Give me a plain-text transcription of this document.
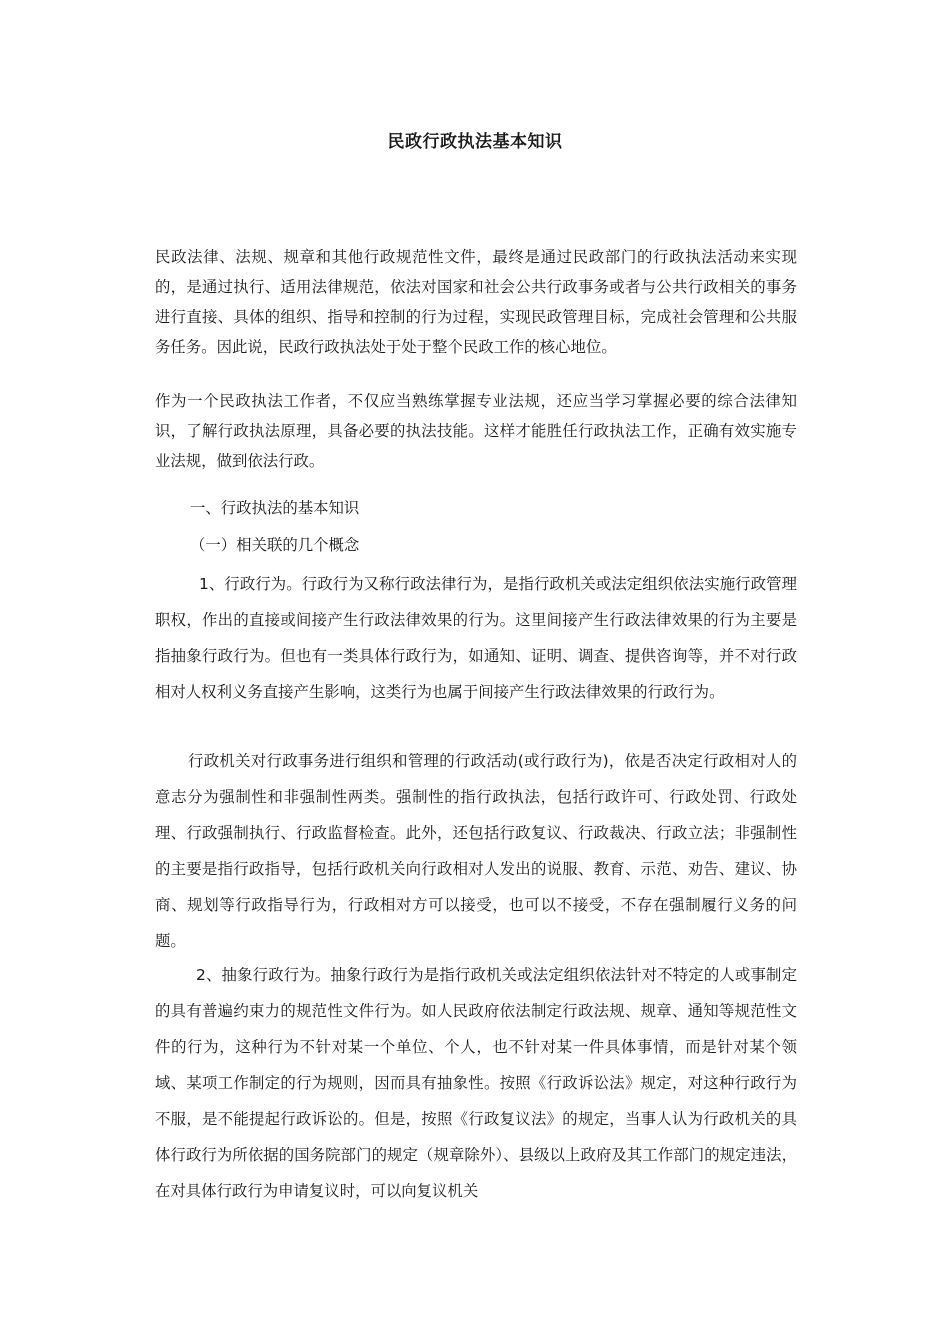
民政行政执法基本知识

民政法律、法规、规章和其他行政规范性文件，最终是通过民政部门的行政执法活动来实现的，是通过执行、适用法律规范，依法对国家和社会公共行政事务或者与公共行政相关的事务进行直接、具体的组织、指导和控制的行为过程，实现民政管理目标，完成社会管理和公共服务任务。因此说，民政行政执法处于处于整个民政工作的核心地位。

作为一个民政执法工作者，不仅应当熟练掌握专业法规，还应当学习掌握必要的综合法律知识，了解行政执法原理，具备必要的执法技能。这样才能胜任行政执法工作，正确有效实施专业法规，做到依法行政。

一、行政执法的基本知识

（一）相关联的几个概念

1、行政行为。行政行为又称行政法律行为，是指行政机关或法定组织依法实施行政管理职权，作出的直接或间接产生行政法律效果的行为。这里间接产生行政法律效果的行为主要是指抽象行政行为。但也有一类具体行政行为，如通知、证明、调查、提供咨询等，并不对行政相对人权利义务直接产生影响，这类行为也属于间接产生行政法律效果的行政行为。

行政机关对行政事务进行组织和管理的行政活动(或行政行为)，依是否决定行政相对人的意志分为强制性和非强制性两类。强制性的指行政执法，包括行政许可、行政处罚、行政处理、行政强制执行、行政监督检查。此外，还包括行政复议、行政裁决、行政立法；非强制性的主要是指行政指导，包括行政机关向行政相对人发出的说服、教育、示范、劝告、建议、协商、规划等行政指导行为，行政相对方可以接受，也可以不接受，不存在强制履行义务的问题。

2、抽象行政行为。抽象行政行为是指行政机关或法定组织依法针对不特定的人或事制定的具有普遍约束力的规范性文件行为。如人民政府依法制定行政法规、规章、通知等规范性文件的行为，这种行为不针对某一个单位、个人，也不针对某一件具体事情，而是针对某个领域、某项工作制定的行为规则，因而具有抽象性。按照《行政诉讼法》规定，对这种行政行为不服，是不能提起行政诉讼的。但是，按照《行政复议法》的规定，当事人认为行政机关的具体行政行为所依据的国务院部门的规定（规章除外）、县级以上政府及其工作部门的规定违法，在对具体行政行为申请复议时，可以向复议机关
